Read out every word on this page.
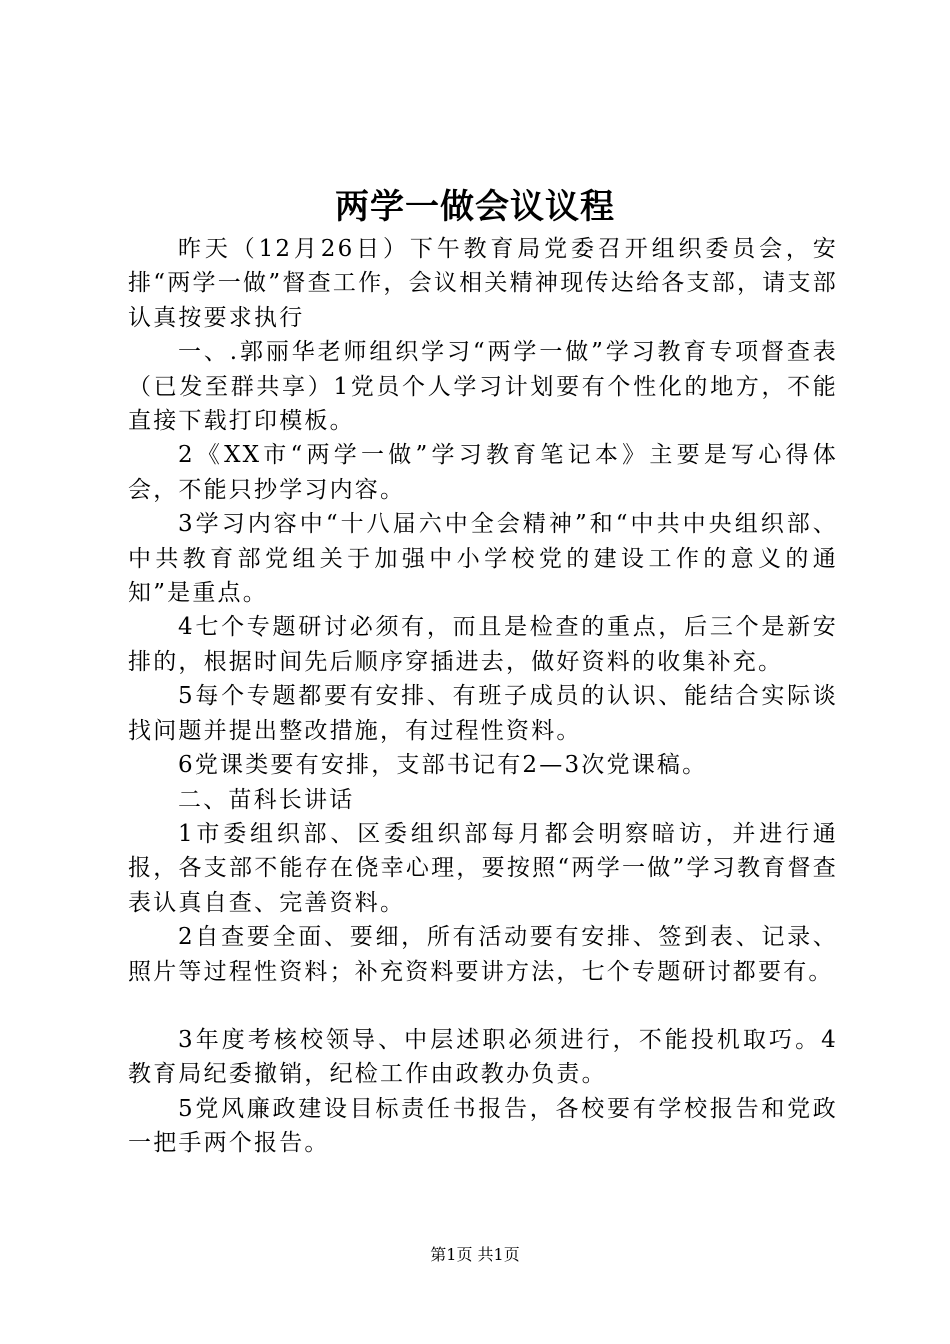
两学一做会议议程

昨天（12月26日）下午教育局党委召开组织委员会，安排“两学一做”督查工作，会议相关精神现传达给各支部，请支部认真按要求执行

一、.郭丽华老师组织学习“两学一做”学习教育专项督查表（已发至群共享）1党员个人学习计划要有个性化的地方，不能直接下载打印模板。

2《XX市“两学一做”学习教育笔记本》主要是写心得体会，不能只抄学习内容。

3学习内容中“十八届六中全会精神”和“中共中央组织部、中共教育部党组关于加强中小学校党的建设工作的意义的通知”是重点。

4七个专题研讨必须有，而且是检查的重点，后三个是新安排的，根据时间先后顺序穿插进去，做好资料的收集补充。

5每个专题都要有安排、有班子成员的认识、能结合实际谈找问题并提出整改措施，有过程性资料。

6党课类要有安排，支部书记有2—3次党课稿。

二、苗科长讲话

1市委组织部、区委组织部每月都会明察暗访，并进行通报，各支部不能存在侥幸心理，要按照“两学一做”学习教育督查表认真自查、完善资料。

2自查要全面、要细，所有活动要有安排、签到表、记录、照片等过程性资料；补充资料要讲方法，七个专题研讨都要有。

3年度考核校领导、中层述职必须进行，不能投机取巧。4教育局纪委撤销，纪检工作由政教办负责。

5党风廉政建设目标责任书报告，各校要有学校报告和党政一把手两个报告。

第1页 共1页
